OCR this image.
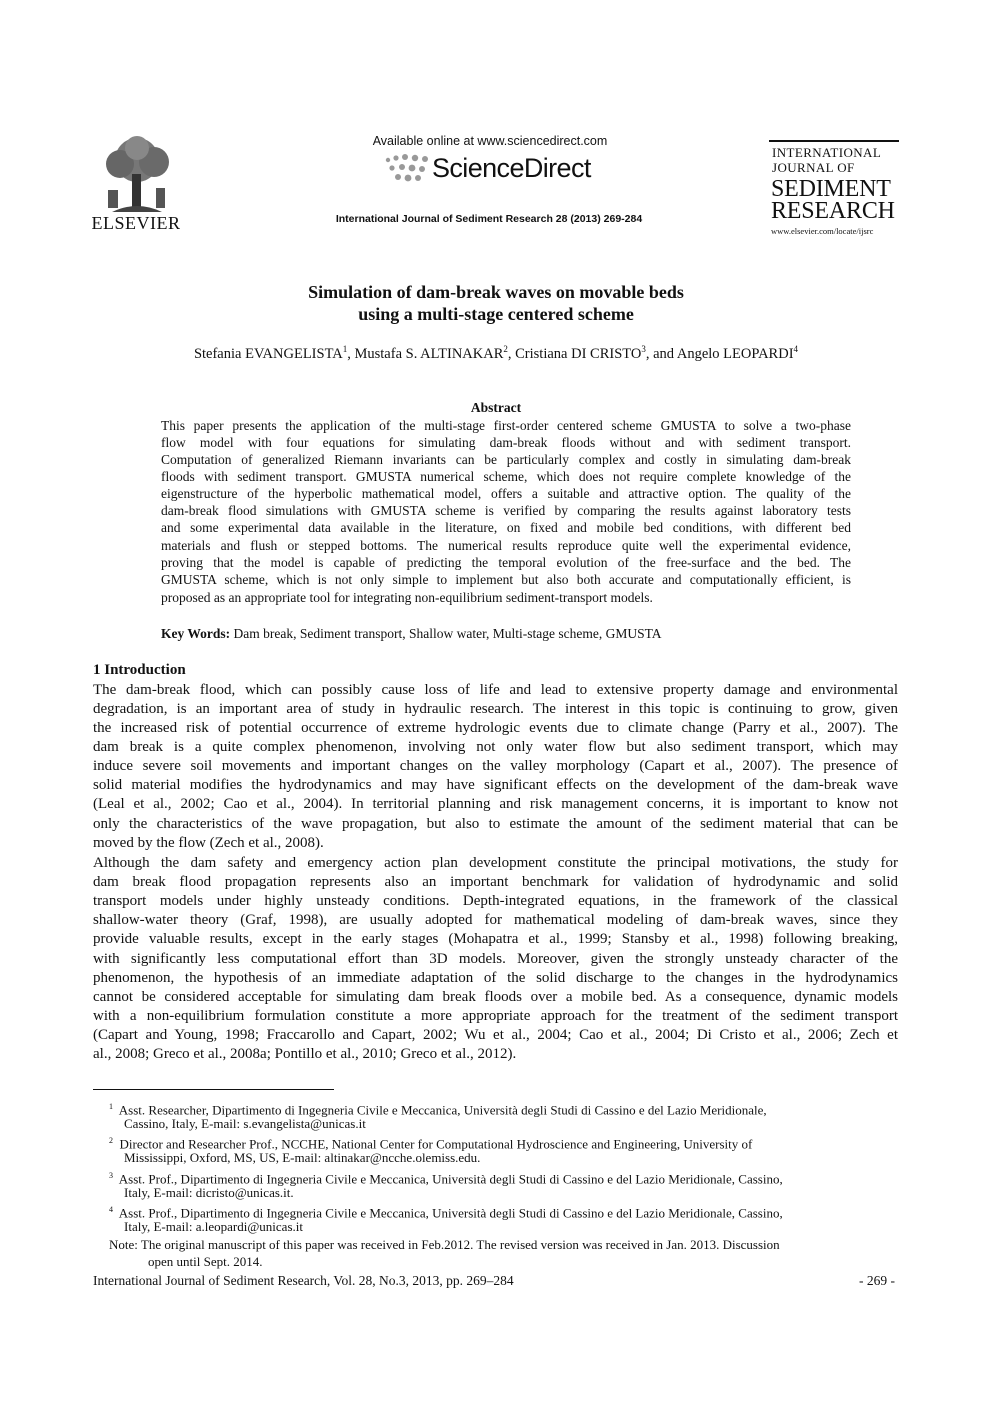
ELSEVIER
Available online at www.sciencedirect.com
ScienceDirect
International Journal of Sediment Research 28 (2013) 269-284
INTERNATIONAL
JOURNAL OF
SEDIMENT
RESEARCH
www.elsevier.com/locate/ijsrc
Simulation of dam-break waves on movable beds
using a multi-stage centered scheme
Stefania EVANGELISTA$^1$, Mustafa S. ALTINAKAR$^2$, Cristiana DI CRISTO$^3$, and Angelo LEOPARDI$^4$
Abstract
This paper presents the application of the multi-stage first-order centered scheme GMUSTA to solve a two-phase
flow model with four equations for simulating dam-break floods without and with sediment transport.
Computation of generalized Riemann invariants can be particularly complex and costly in simulating dam-break
floods with sediment transport. GMUSTA numerical scheme, which does not require complete knowledge of the
eigenstructure of the hyperbolic mathematical model, offers a suitable and attractive option. The quality of the
dam-break flood simulations with GMUSTA scheme is verified by comparing the results against laboratory tests
and some experimental data available in the literature, on fixed and mobile bed conditions, with different bed
materials and flush or stepped bottoms. The numerical results reproduce quite well the experimental evidence,
proving that the model is capable of predicting the temporal evolution of the free-surface and the bed. The
GMUSTA scheme, which is not only simple to implement but also both accurate and computationally efficient, is
proposed as an appropriate tool for integrating non-equilibrium sediment-transport models.
Key Words: Dam break, Sediment transport, Shallow water, Multi-stage scheme, GMUSTA
1 Introduction
The dam-break flood, which can possibly cause loss of life and lead to extensive property damage and environmental
degradation, is an important area of study in hydraulic research. The interest in this topic is continuing to grow, given
the increased risk of potential occurrence of extreme hydrologic events due to climate change (Parry et al., 2007). The
dam break is a quite complex phenomenon, involving not only water flow but also sediment transport, which may
induce severe soil movements and important changes on the valley morphology (Capart et al., 2007). The presence of
solid material modifies the hydrodynamics and may have significant effects on the development of the dam-break wave
(Leal et al., 2002; Cao et al., 2004). In territorial planning and risk management concerns, it is important to know not
only the characteristics of the wave propagation, but also to estimate the amount of the sediment material that can be
moved by the flow (Zech et al., 2008).
Although the dam safety and emergency action plan development constitute the principal motivations, the study for
dam break flood propagation represents also an important benchmark for validation of hydrodynamic and solid
transport models under highly unsteady conditions. Depth-integrated equations, in the framework of the classical
shallow-water theory (Graf, 1998), are usually adopted for mathematical modeling of dam-break waves, since they
provide valuable results, except in the early stages (Mohapatra et al., 1999; Stansby et al., 1998) following breaking,
with significantly less computational effort than 3D models. Moreover, given the strongly unsteady character of the
phenomenon, the hypothesis of an immediate adaptation of the solid discharge to the changes in the hydrodynamics
cannot be considered acceptable for simulating dam break floods over a mobile bed. As a consequence, dynamic models
with a non-equilibrium formulation constitute a more appropriate approach for the treatment of the sediment transport
(Capart and Young, 1998; Fraccarollo and Capart, 2002; Wu et al., 2004; Cao et al., 2004; Di Cristo et al., 2006; Zech et
al., 2008; Greco et al., 2008a; Pontillo et al., 2010; Greco et al., 2012).
$^1$ Asst. Researcher, Dipartimento di Ingegneria Civile e Meccanica, Università degli Studi di Cassino e del Lazio Meridionale,
Cassino, Italy, E-mail: s.evangelista@unicas.it
$^2$ Director and Researcher Prof., NCCHE, National Center for Computational Hydroscience and Engineering, University of
Mississippi, Oxford, MS, US, E-mail: altinakar@ncche.olemiss.edu.
$^3$ Asst. Prof., Dipartimento di Ingegneria Civile e Meccanica, Università degli Studi di Cassino e del Lazio Meridionale, Cassino,
Italy, E-mail: dicristo@unicas.it.
$^4$ Asst. Prof., Dipartimento di Ingegneria Civile e Meccanica, Università degli Studi di Cassino e del Lazio Meridionale, Cassino,
Italy, E-mail: a.leopardi@unicas.it
Note: The original manuscript of this paper was received in Feb.2012. The revised version was received in Jan. 2013. Discussion
open until Sept. 2014.
International Journal of Sediment Research, Vol. 28, No.3, 2013, pp. 269–284	- 269 -
